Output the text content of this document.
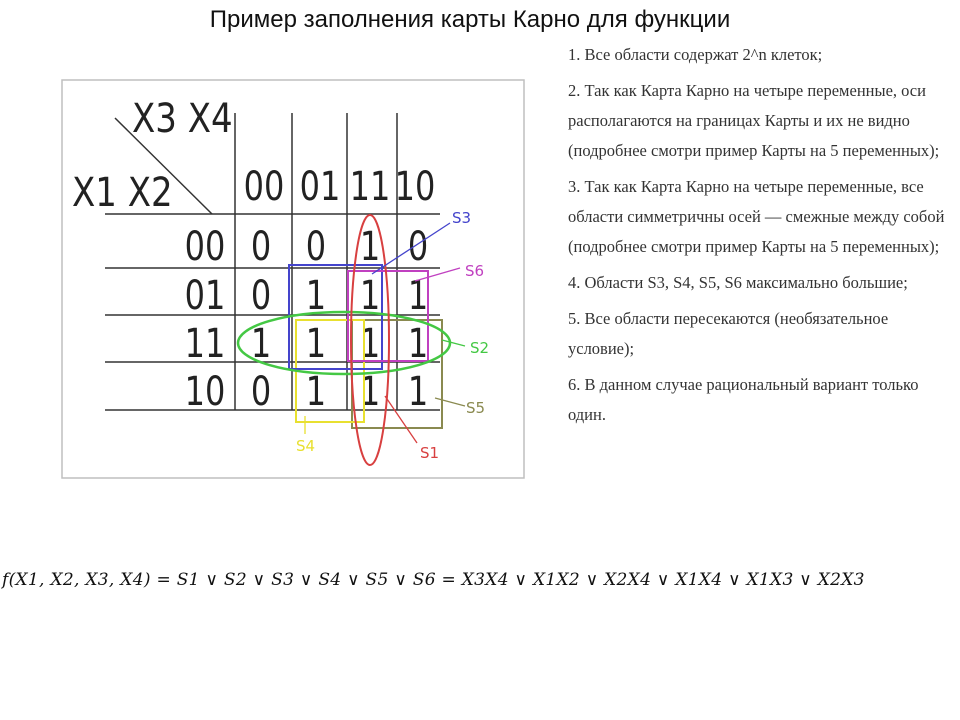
Пример заполнения карты Карно для функции
X3 X4
X1 X2 00 01 11 10
00
01
11
10
0 0 1 0
0 1 1 1
1 1 1 1
0 1 1 1
S3
S6
S2
S5
S4	S1

1. Все области содержат 2^n клеток;

2. Так как Карта Карно на четыре переменные, оси располагаются на границах Карты и их не видно (подробнее смотри пример Карты на 5 переменных);

3. Так как Карта Карно на четыре переменные, все области симметричны осей — смежные между собой (подробнее смотри пример Карты на 5 переменных);

4. Области S3, S4, S5, S6 максимально большие;

5. Все области пересекаются (необязательное условие);

6. В данном случае рациональный вариант только один.

f(X1, X2, X3, X4) = S1 ∨ S2 ∨ S3 ∨ S4 ∨ S5 ∨ S6 = X3X4 ∨ X1X2 ∨ X2X4 ∨ X1X4 ∨ X1X3 ∨ X2X3
